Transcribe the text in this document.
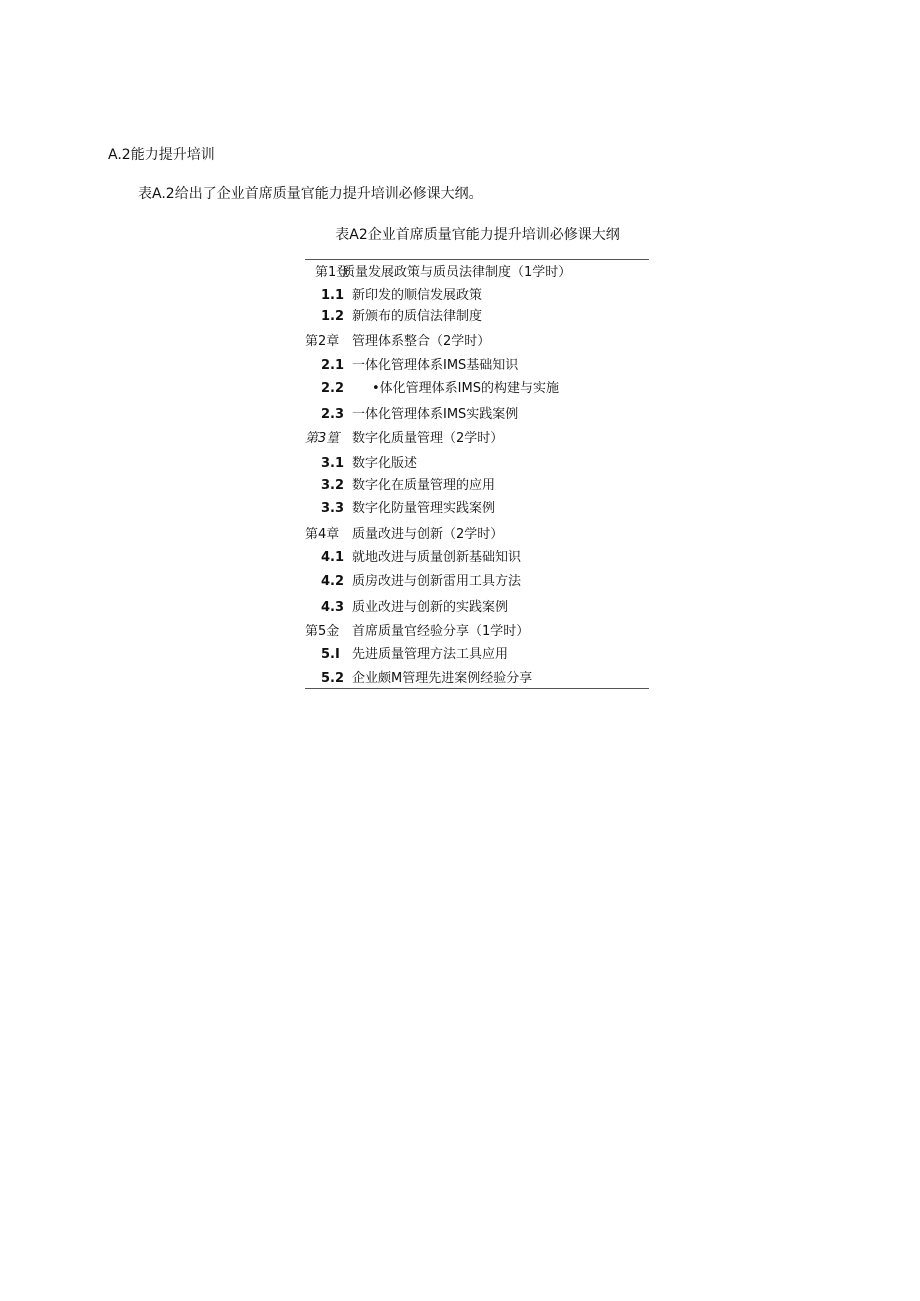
A.2能力提升培训
表A.2给出了企业首席质量官能力提升培训必修课大纲。
表A2企业首席质量官能力提升培训必修课大纲
第1登
质量发展政策与质员法律制度（1学时）
1.1 新印发的顺信发展政策
1.2 新颁布的质信法律制度
第2章 管理体系整合（2学时）
2.1 一体化管理体系IMS基础知识
2.2 •体化管理体系IMS的构建与实施
2.3 一体化管理体系IMS实践案例
第3篁 数字化质量管理（2学时）
3.1 数字化版述
3.2 数字化在质量管理的应用
3.3 数字化防量管理实践案例
第4章 质量改进与创新（2学时）
4.1 就地改进与质量创新基础知识
4.2 质房改进与创新雷用工具方法
4.3 质业改进与创新的实践案例
第5金 首席质量官经验分享（1学时）
5.I 先进质量管理方法工具应用
5.2 企业颇M管理先进案例经验分享
